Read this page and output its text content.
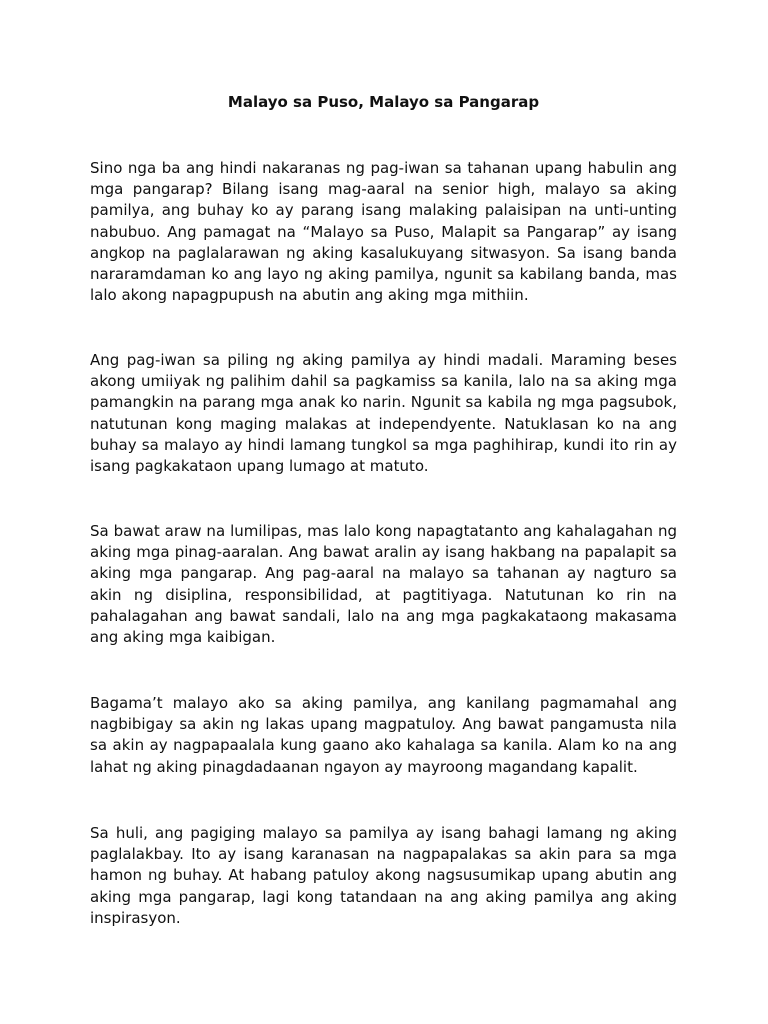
Malayo sa Puso, Malayo sa Pangarap

Sino nga ba ang hindi nakaranas ng pag-iwan sa tahanan upang habulin ang mga pangarap? Bilang isang mag-aaral na senior high, malayo sa aking pamilya, ang buhay ko ay parang isang malaking palaisipan na unti-unting nabubuo. Ang pamagat na “Malayo sa Puso, Malapit sa Pangarap” ay isang angkop na paglalarawan ng aking kasalukuyang sitwasyon. Sa isang banda nararamdaman ko ang layo ng aking pamilya, ngunit sa kabilang banda, mas lalo akong napagpupush na abutin ang aking mga mithiin.

Ang pag-iwan sa piling ng aking pamilya ay hindi madali. Maraming beses akong umiiyak ng palihim dahil sa pagkamiss sa kanila, lalo na sa aking mga pamangkin na parang mga anak ko narin. Ngunit sa kabila ng mga pagsubok, natutunan kong maging malakas at independyente. Natuklasan ko na ang buhay sa malayo ay hindi lamang tungkol sa mga paghihirap, kundi ito rin ay isang pagkakataon upang lumago at matuto.

Sa bawat araw na lumilipas, mas lalo kong napagtatanto ang kahalagahan ng aking mga pinag-aaralan. Ang bawat aralin ay isang hakbang na papalapit sa aking mga pangarap. Ang pag-aaral na malayo sa tahanan ay nagturo sa akin ng disiplina, responsibilidad, at pagtitiyaga. Natutunan ko rin na pahalagahan ang bawat sandali, lalo na ang mga pagkakataong makasama ang aking mga kaibigan.

Bagama’t malayo ako sa aking pamilya, ang kanilang pagmamahal ang nagbibigay sa akin ng lakas upang magpatuloy. Ang bawat pangamusta nila sa akin ay nagpapaalala kung gaano ako kahalaga sa kanila. Alam ko na ang lahat ng aking pinagdadaanan ngayon ay mayroong magandang kapalit.

Sa huli, ang pagiging malayo sa pamilya ay isang bahagi lamang ng aking paglalakbay. Ito ay isang karanasan na nagpapalakas sa akin para sa mga hamon ng buhay. At habang patuloy akong nagsusumikap upang abutin ang aking mga pangarap, lagi kong tatandaan na ang aking pamilya ang aking inspirasyon.
